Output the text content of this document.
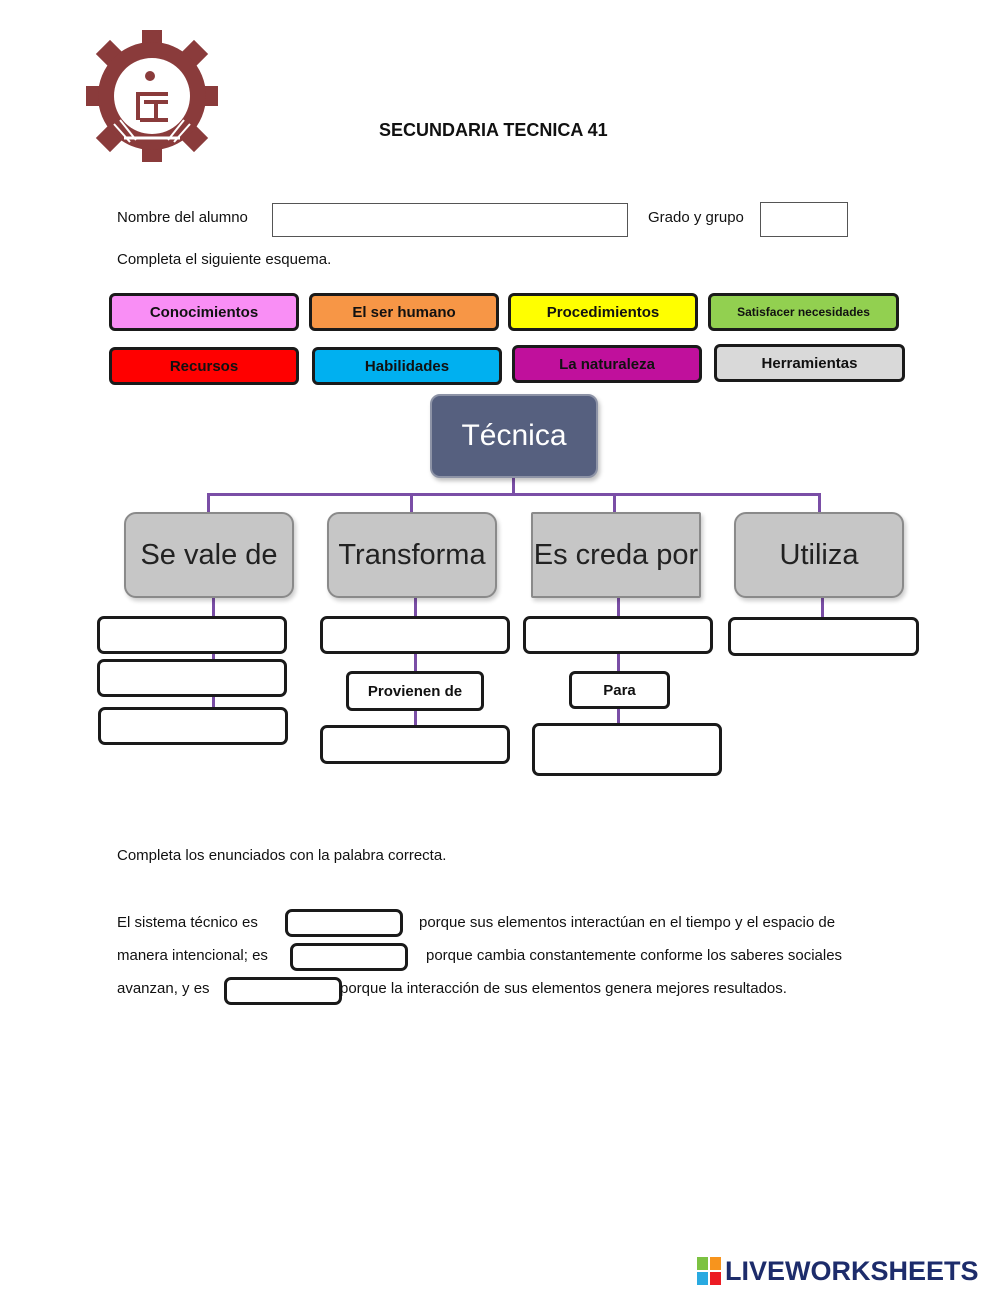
SECUNDARIA TECNICA 41
Nombre del alumno	Grado y grupo
Completa el siguiente esquema.
Conocimientos	El ser humano	Procedimientos	Satisfacer necesidades
Recursos	Habilidades	La naturaleza	Herramientas
Técnica
Se vale de Transforma Es creda por	Utiliza
Provienen de	Para
Completa los enunciados con la palabra correcta.
El sistema técnico es	porque sus elementos interactúan en el tiempo y el espacio de
manera intencional; es	porque cambia constantemente conforme los saberes sociales
avanzan, y es	porque la interacción de sus elementos genera mejores resultados.
LIVEWORKSHEETS
